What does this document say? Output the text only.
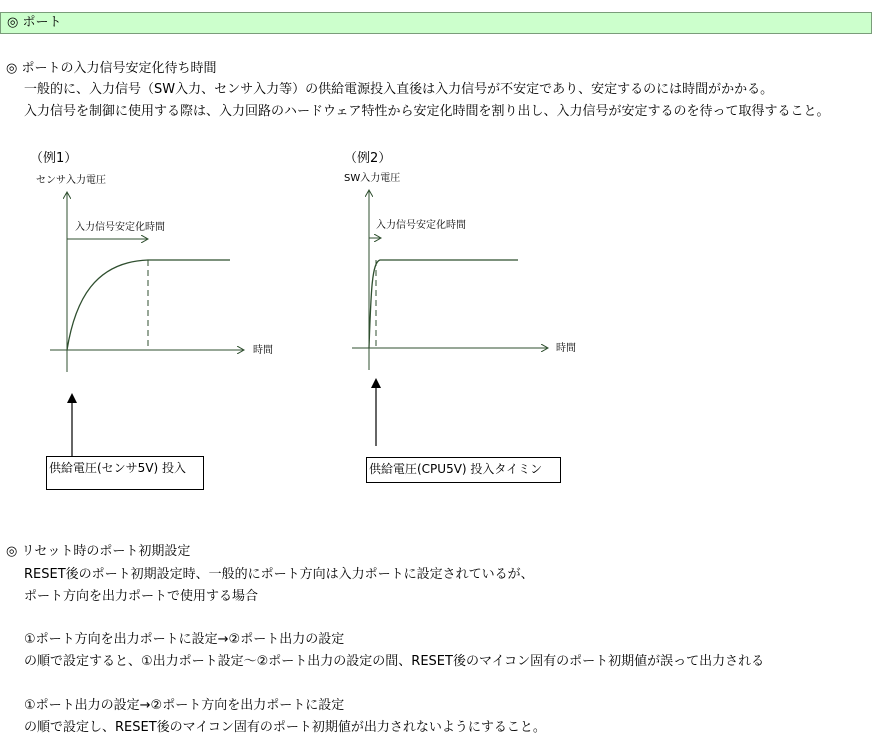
◎ ポート
◎ ポートの入力信号安定化待ち時間
一般的に、入力信号（SW入力、センサ入力等）の供給電源投入直後は入力信号が不安定であり、安定するのには時間がかかる。
入力信号を制御に使用する際は、入力回路のハードウェア特性から安定化時間を割り出し、入力信号が安定するのを待って取得すること。
（例1）
センサ入力電圧
時間
入力信号安定化時間
（例2）
SW入力電圧
時間
入力信号安定化時間
供給電圧(センサ5V) 投入	供給電圧(CPU5V) 投入タイミン
◎ リセット時のポート初期設定
RESET後のポート初期設定時、一般的にポート方向は入力ポートに設定されているが、
ポート方向を出力ポートで使用する場合
①ポート方向を出力ポートに設定→②ポート出力の設定
の順で設定すると、①出力ポート設定～②ポート出力の設定の間、RESET後のマイコン固有のポート初期値が誤って出力される
①ポート出力の設定→②ポート方向を出力ポートに設定
の順で設定し、RESET後のマイコン固有のポート初期値が出力されないようにすること。
